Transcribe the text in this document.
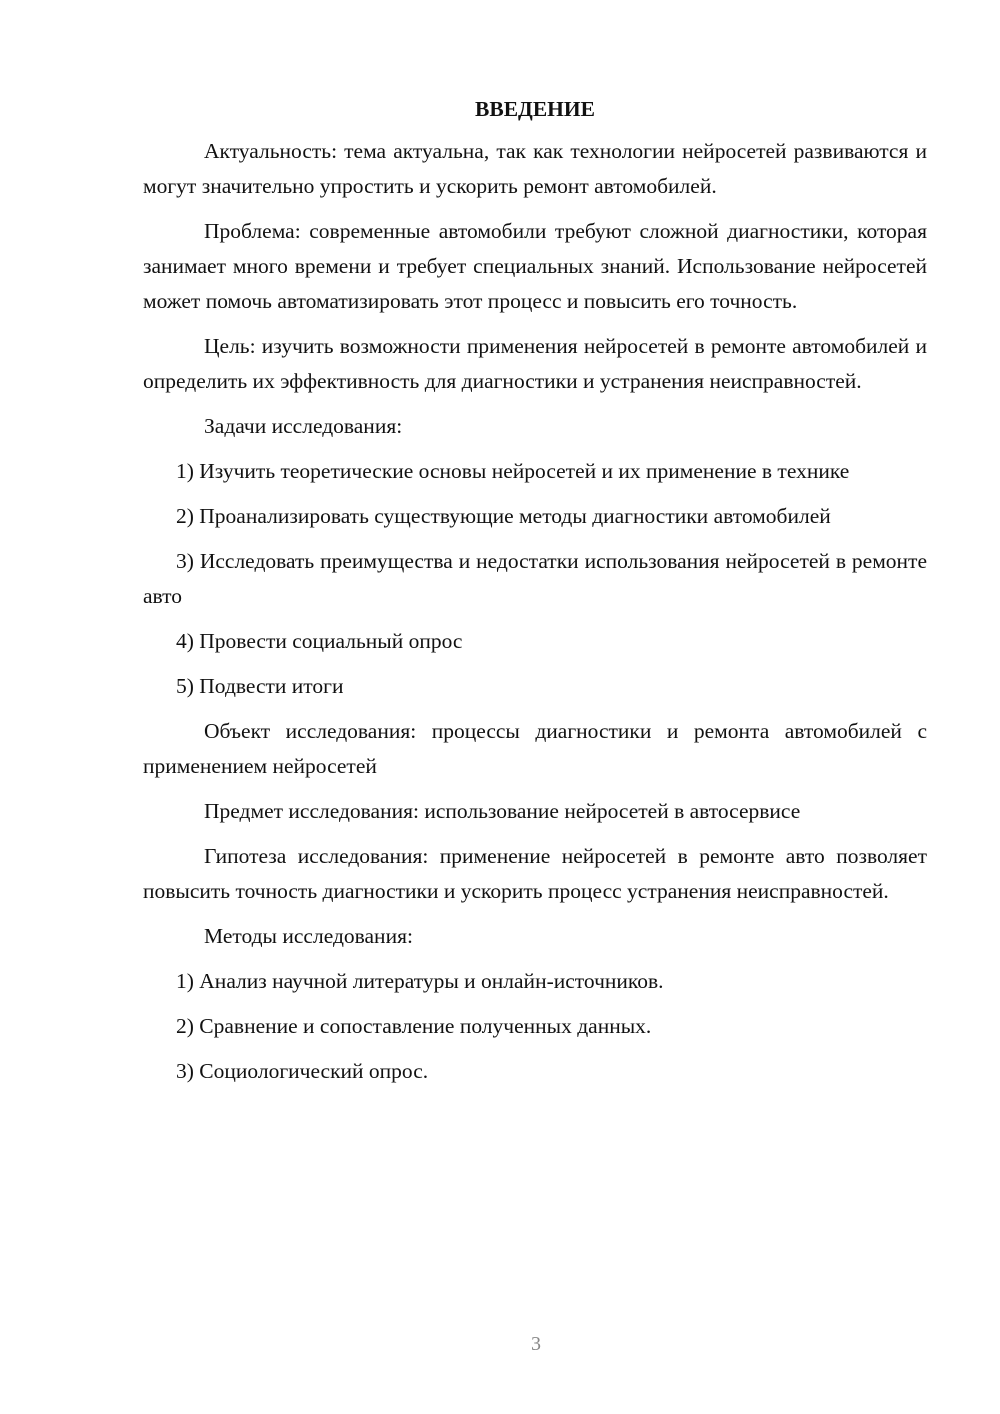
ВВЕДЕНИЕ

Актуальность: тема актуальна, так как технологии нейросетей развиваются и могут значительно упростить и ускорить ремонт автомобилей.

Проблема: современные автомобили требуют сложной диагностики, которая занимает много времени и требует специальных знаний. Использование нейросетей может помочь автоматизировать этот процесс и повысить его точность.

Цель: изучить возможности применения нейросетей в ремонте автомобилей и определить их эффективность для диагностики и устранения неисправностей.

Задачи исследования:

1) Изучить теоретические основы нейросетей и их применение в технике

2) Проанализировать существующие методы диагностики автомобилей

3) Исследовать преимущества и недостатки использования нейросетей в ремонте авто

4) Провести социальный опрос

5) Подвести итоги

Объект исследования: процессы диагностики и ремонта автомобилей с применением нейросетей

Предмет исследования: использование нейросетей в автосервисе

Гипотеза исследования: применение нейросетей в ремонте авто позволяет повысить точность диагностики и ускорить процесс устранения неисправностей.

Методы исследования:

1) Анализ научной литературы и онлайн-источников.

2) Сравнение и сопоставление полученных данных.

3) Социологический опрос.

3
